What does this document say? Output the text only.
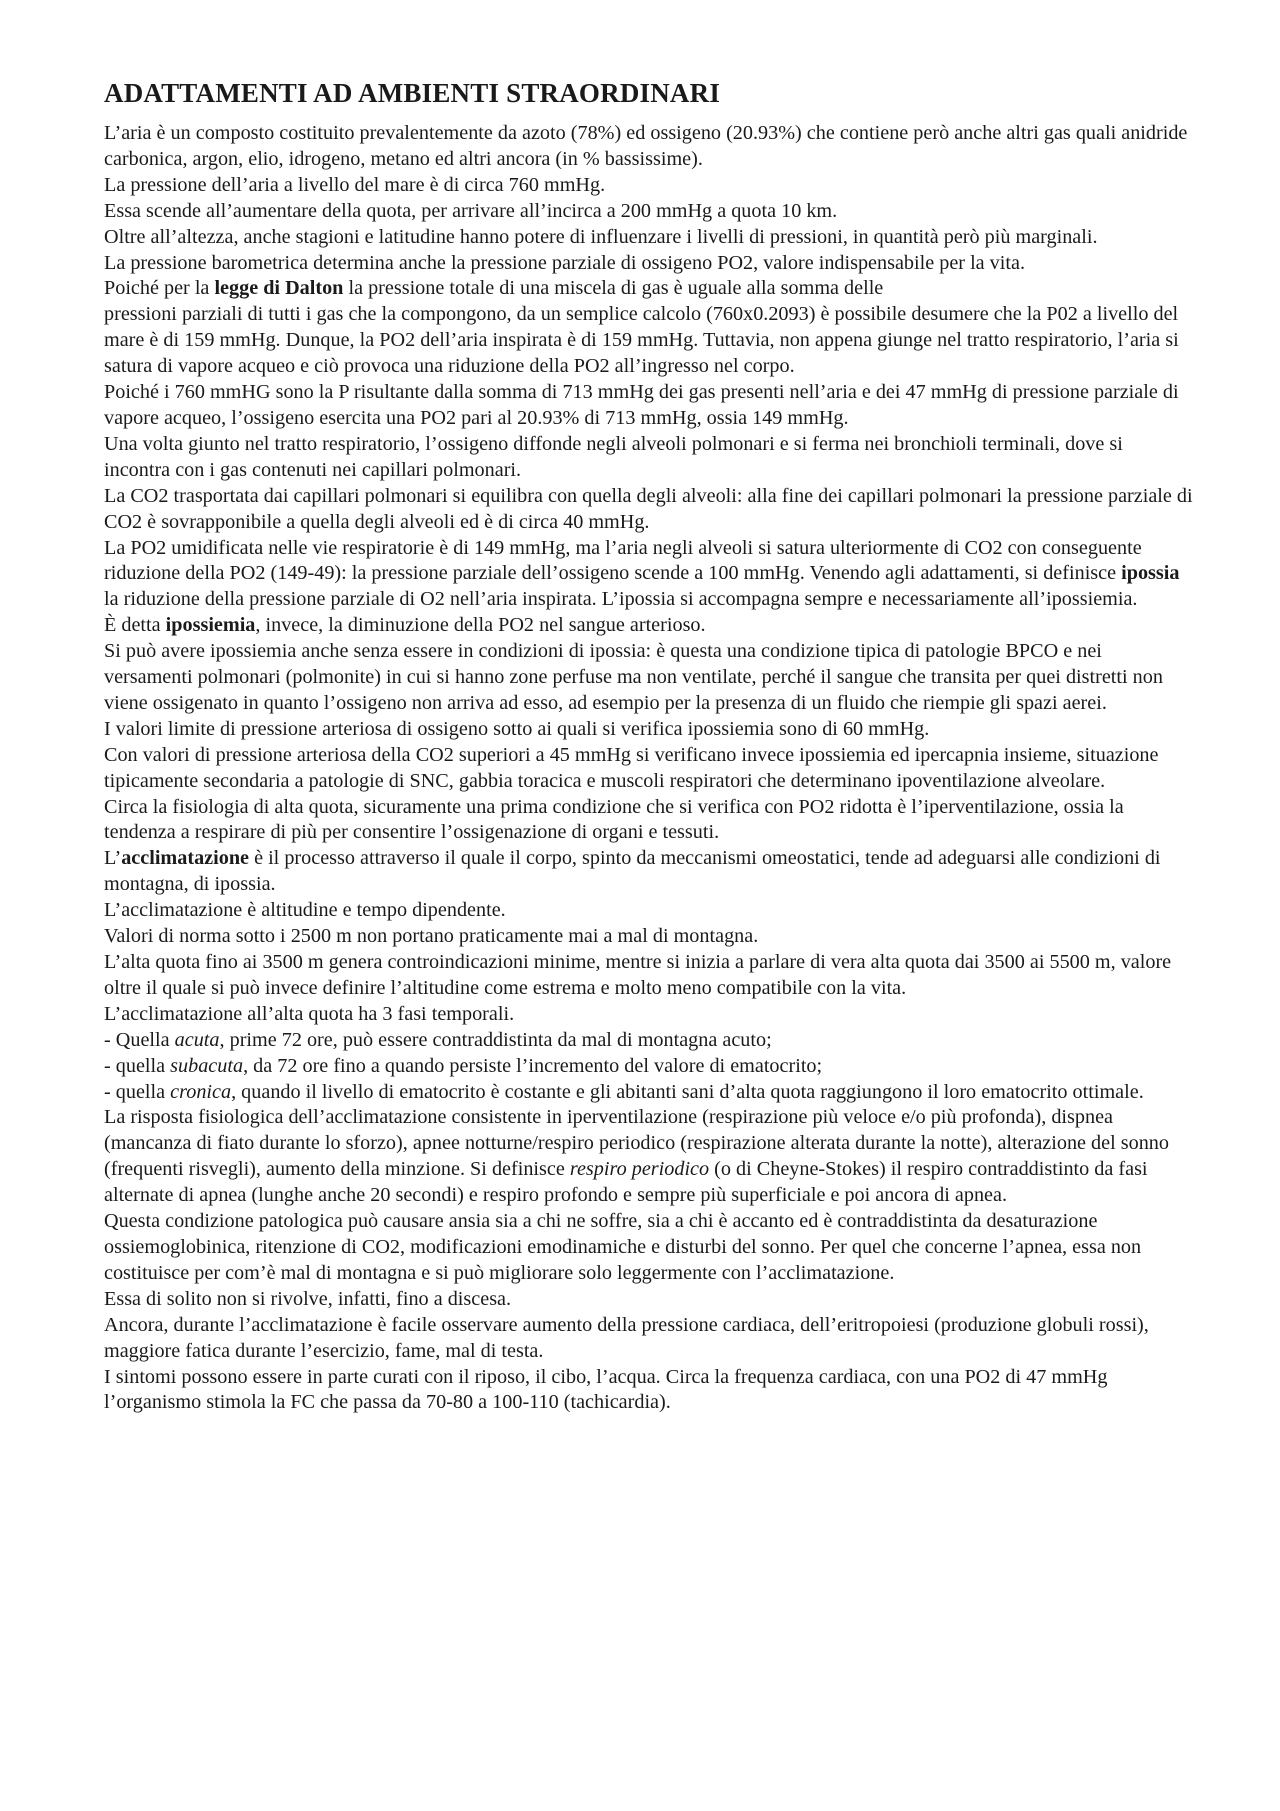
ADATTAMENTI AD AMBIENTI STRAORDINARI

L’aria è un composto costituito prevalentemente da azoto (78%) ed ossigeno (20.93%) che contiene però anche altri gas quali anidride carbonica, argon, elio, idrogeno, metano ed altri ancora (in % bassissime).

La pressione dell’aria a livello del mare è di circa 760 mmHg.

Essa scende all’aumentare della quota, per arrivare all’incirca a 200 mmHg a quota 10 km.

Oltre all’altezza, anche stagioni e latitudine hanno potere di influenzare i livelli di pressioni, in quantità però più marginali.

La pressione barometrica determina anche la pressione parziale di ossigeno PO2, valore indispensabile per la vita.

Poiché per la legge di Dalton la pressione totale di una miscela di gas è uguale alla somma delle

pressioni parziali di tutti i gas che la compongono, da un semplice calcolo (760x0.2093) è possibile desumere che la P02 a livello del mare è di 159 mmHg. Dunque, la PO2 dell’aria inspirata è di 159 mmHg. Tuttavia, non appena giunge nel tratto respiratorio, l’aria si satura di vapore acqueo e ciò provoca una riduzione della PO2 all’ingresso nel corpo.

Poiché i 760 mmHG sono la P risultante dalla somma di 713 mmHg dei gas presenti nell’aria e dei 47 mmHg di pressione parziale di vapore acqueo, l’ossigeno esercita una PO2 pari al 20.93% di 713 mmHg, ossia 149 mmHg.

Una volta giunto nel tratto respiratorio, l’ossigeno diffonde negli alveoli polmonari e si ferma nei bronchioli terminali, dove si incontra con i gas contenuti nei capillari polmonari.

La CO2 trasportata dai capillari polmonari si equilibra con quella degli alveoli: alla fine dei capillari polmonari la pressione parziale di CO2 è sovrapponibile a quella degli alveoli ed è di circa 40 mmHg.

La PO2 umidificata nelle vie respiratorie è di 149 mmHg, ma l’aria negli alveoli si satura ulteriormente di CO2 con conseguente riduzione della PO2 (149-49): la pressione parziale dell’ossigeno scende a 100 mmHg. Venendo agli adattamenti, si definisce ipossia la riduzione della pressione parziale di O2 nell’aria inspirata. L’ipossia si accompagna sempre e necessariamente all’ipossiemia.

È detta ipossiemia, invece, la diminuzione della PO2 nel sangue arterioso.

Si può avere ipossiemia anche senza essere in condizioni di ipossia: è questa una condizione tipica di patologie BPCO e nei versamenti polmonari (polmonite) in cui si hanno zone perfuse ma non ventilate, perché il sangue che transita per quei distretti non viene ossigenato in quanto l’ossigeno non arriva ad esso, ad esempio per la presenza di un fluido che riempie gli spazi aerei.

I valori limite di pressione arteriosa di ossigeno sotto ai quali si verifica ipossiemia sono di 60 mmHg.

Con valori di pressione arteriosa della CO2 superiori a 45 mmHg si verificano invece ipossiemia ed ipercapnia insieme, situazione tipicamente secondaria a patologie di SNC, gabbia toracica e muscoli respiratori che determinano ipoventilazione alveolare.

Circa la fisiologia di alta quota, sicuramente una prima condizione che si verifica con PO2 ridotta è l’iperventilazione, ossia la tendenza a respirare di più per consentire l’ossigenazione di organi e tessuti.

L’acclimatazione è il processo attraverso il quale il corpo, spinto da meccanismi omeostatici, tende ad adeguarsi alle condizioni di montagna, di ipossia.

L’acclimatazione è altitudine e tempo dipendente.

Valori di norma sotto i 2500 m non portano praticamente mai a mal di montagna.

L’alta quota fino ai 3500 m genera controindicazioni minime, mentre si inizia a parlare di vera alta quota dai 3500 ai 5500 m, valore oltre il quale si può invece definire l’altitudine come estrema e molto meno compatibile con la vita.

L’acclimatazione all’alta quota ha 3 fasi temporali.

- Quella acuta, prime 72 ore, può essere contraddistinta da mal di montagna acuto;

- quella subacuta, da 72 ore fino a quando persiste l’incremento del valore di ematocrito;

- quella cronica, quando il livello di ematocrito è costante e gli abitanti sani d’alta quota raggiungono il loro ematocrito ottimale.

La risposta fisiologica dell’acclimatazione consistente in iperventilazione (respirazione più veloce e/o più profonda), dispnea (mancanza di fiato durante lo sforzo), apnee notturne/respiro periodico (respirazione alterata durante la notte), alterazione del sonno (frequenti risvegli), aumento della minzione. Si definisce respiro periodico (o di Cheyne-Stokes) il respiro contraddistinto da fasi alternate di apnea (lunghe anche 20 secondi) e respiro profondo e sempre più superficiale e poi ancora di apnea.

Questa condizione patologica può causare ansia sia a chi ne soffre, sia a chi è accanto ed è contraddistinta da desaturazione ossiemoglobinica, ritenzione di CO2, modificazioni emodinamiche e disturbi del sonno. Per quel che concerne l’apnea, essa non costituisce per com’è mal di montagna e si può migliorare solo leggermente con l’acclimatazione.

Essa di solito non si rivolve, infatti, fino a discesa.

Ancora, durante l’acclimatazione è facile osservare aumento della pressione cardiaca, dell’eritropoiesi (produzione globuli rossi), maggiore fatica durante l’esercizio, fame, mal di testa.

I sintomi possono essere in parte curati con il riposo, il cibo, l’acqua. Circa la frequenza cardiaca, con una PO2 di 47 mmHg l’organismo stimola la FC che passa da 70-80 a 100-110 (tachicardia).
